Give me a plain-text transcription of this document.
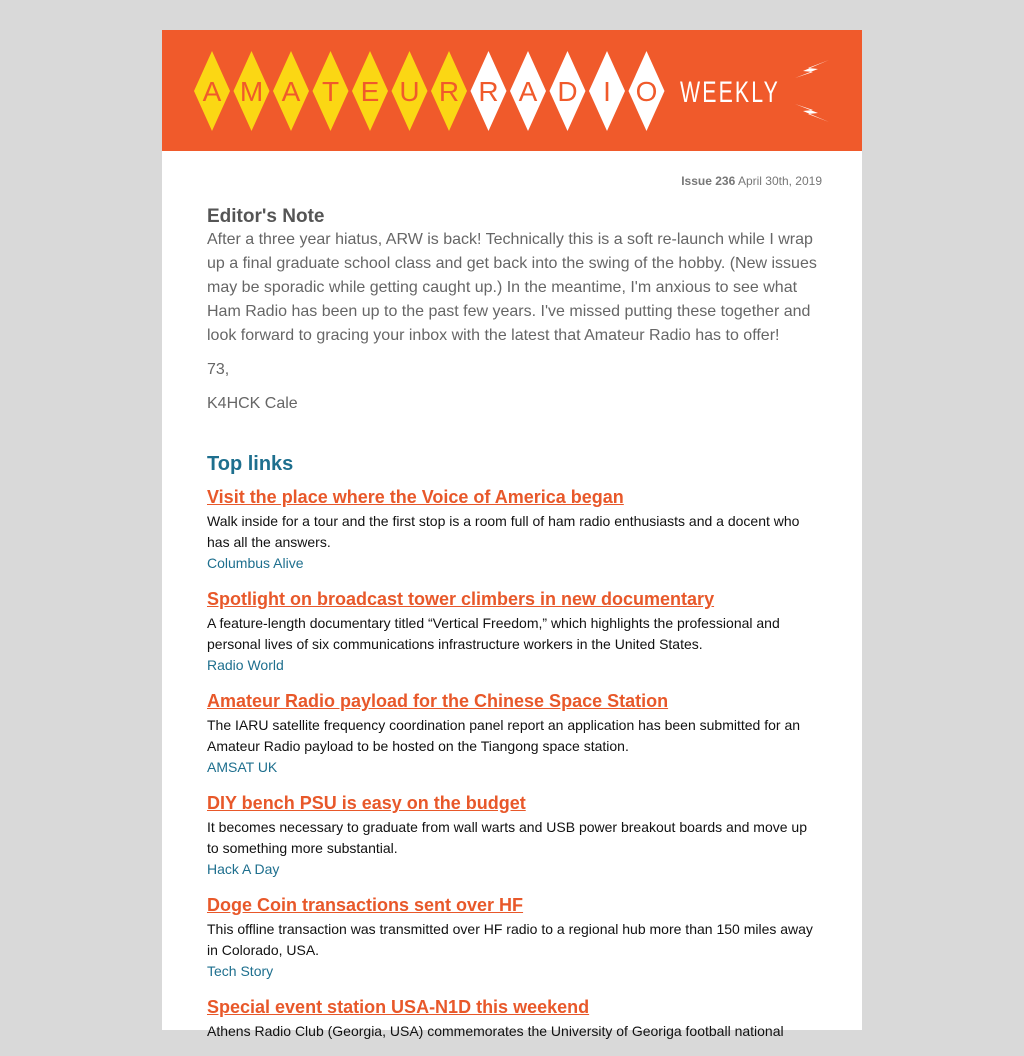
A M A T E U R R A D I O WEEKLY
Issue 236 April 30th, 2019
Editor's Note

After a three year hiatus, ARW is back! Technically this is a soft re-launch while I wrap up a final graduate school class and get back into the swing of the hobby. (New issues may be sporadic while getting caught up.) In the meantime, I'm anxious to see what Ham Radio has been up to the past few years. I've missed putting these together and look forward to gracing your inbox with the latest that Amateur Radio has to offer!

73,

K4HCK Cale

Top links
Visit the place where the Voice of America began

Walk inside for a tour and the first stop is a room full of ham radio enthusiasts and a docent who has all the answers.

Columbus Alive
Spotlight on broadcast tower climbers in new documentary

A feature-length documentary titled “Vertical Freedom,” which highlights the professional and personal lives of six communications infrastructure workers in the United States.

Radio World
Amateur Radio payload for the Chinese Space Station

The IARU satellite frequency coordination panel report an application has been submitted for an Amateur Radio payload to be hosted on the Tiangong space station.

AMSAT UK
DIY bench PSU is easy on the budget

It becomes necessary to graduate from wall warts and USB power breakout boards and move up to something more substantial.

Hack A Day
Doge Coin transactions sent over HF

This offline transaction was transmitted over HF radio to a regional hub more than 150 miles away in Colorado, USA.

Tech Story
Special event station USA-N1D this weekend

Athens Radio Club (Georgia, USA) commemorates the University of Georiga football national
